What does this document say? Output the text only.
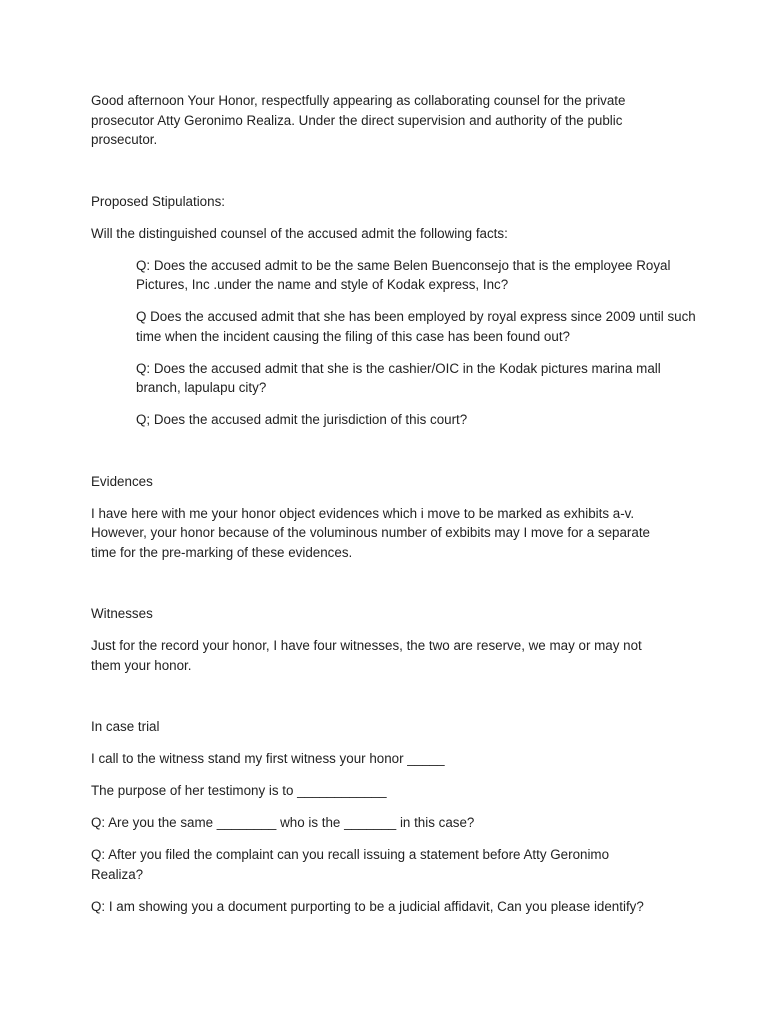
Good afternoon Your Honor, respectfully appearing as collaborating counsel for the private prosecutor Atty Geronimo Realiza. Under the direct supervision and authority of the public prosecutor.

Proposed Stipulations:

Will the distinguished counsel of the accused admit the following facts:

Q: Does the accused admit to be the same Belen Buenconsejo that is the employee Royal Pictures, Inc .under the name and style of Kodak express, Inc?

Q Does the accused admit that she has been employed by royal express since 2009 until such time when the incident causing the filing of this case has been found out?

Q: Does the accused admit that she is the cashier/OIC in the Kodak pictures marina mall branch, lapulapu city?

Q; Does the accused admit the jurisdiction of this court?

Evidences

I have here with me your honor object evidences which i move to be marked as exhibits a-v. However, your honor because of the voluminous number of exbibits may I move for a separate time for the pre-marking of these evidences.

Witnesses

Just for the record your honor, I have four witnesses, the two are reserve, we may or may not them your honor.

In case trial

I call to the witness stand my first witness your honor _____

The purpose of her testimony is to ____________

Q: Are you the same ________ who is the _______ in this case?

Q: After you filed the complaint can you recall issuing a statement before Atty Geronimo Realiza?

Q: I am showing you a document purporting to be a judicial affidavit, Can you please identify?
